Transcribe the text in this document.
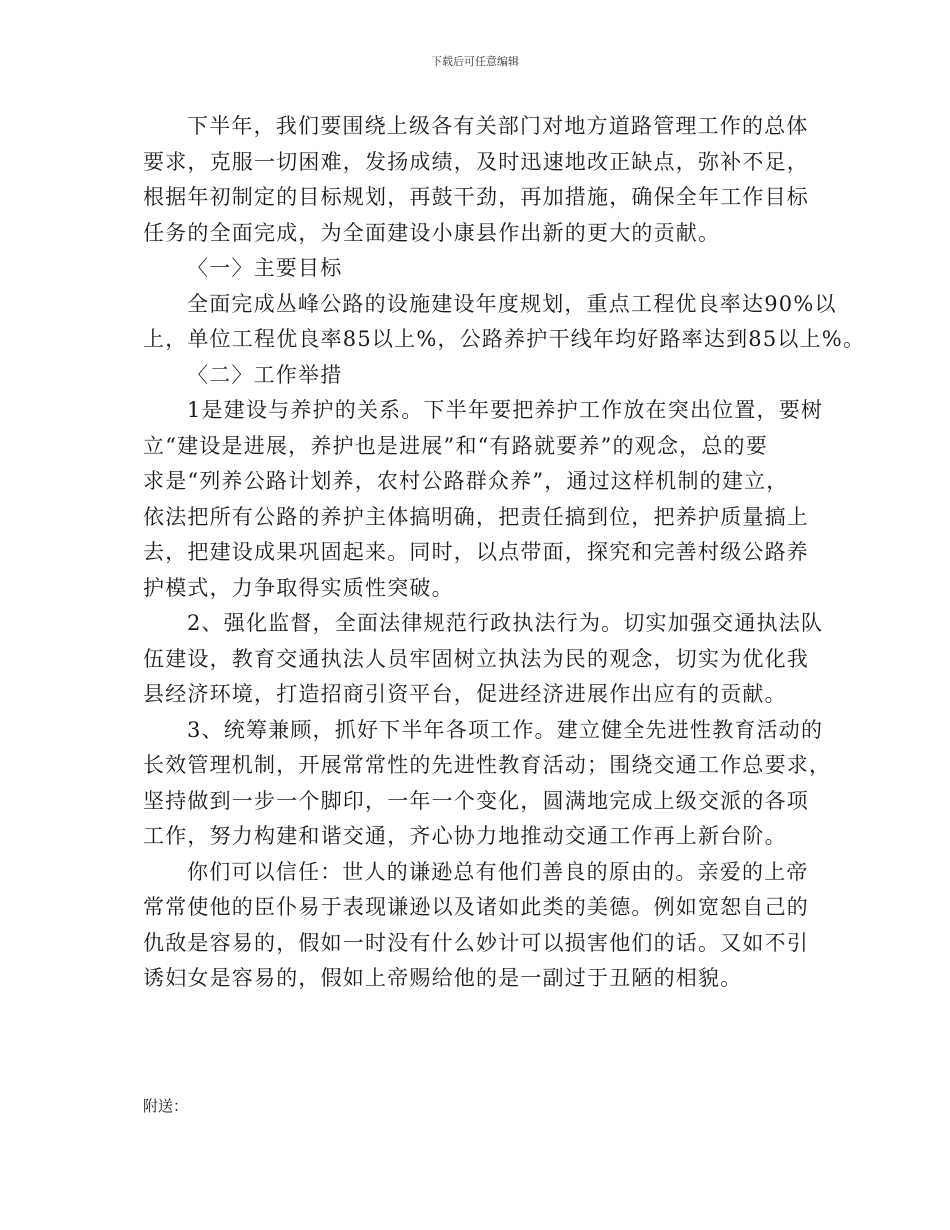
下载后可任意编辑
下半年，我们要围绕上级各有关部门对地方道路管理工作的总体
要求，克服一切困难，发扬成绩，及时迅速地改正缺点，弥补不足，
根据年初制定的目标规划，再鼓干劲，再加措施，确保全年工作目标
任务的全面完成，为全面建设小康县作出新的更大的贡献。
〈一〉主要目标
全面完成丛峰公路的设施建设年度规划，重点工程优良率达90%以
上，单位工程优良率85以上%，公路养护干线年均好路率达到85以上%。
〈二〉工作举措
1是建设与养护的关系。下半年要把养护工作放在突出位置，要树
立“建设是进展，养护也是进展”和“有路就要养”的观念，总的要
求是“列养公路计划养，农村公路群众养”，通过这样机制的建立，
依法把所有公路的养护主体搞明确，把责任搞到位，把养护质量搞上
去，把建设成果巩固起来。同时，以点带面，探究和完善村级公路养
护模式，力争取得实质性突破。
2、强化监督，全面法律规范行政执法行为。切实加强交通执法队
伍建设，教育交通执法人员牢固树立执法为民的观念，切实为优化我
县经济环境，打造招商引资平台，促进经济进展作出应有的贡献。
3、统筹兼顾，抓好下半年各项工作。建立健全先进性教育活动的
长效管理机制，开展常常性的先进性教育活动；围绕交通工作总要求，
坚持做到一步一个脚印，一年一个变化，圆满地完成上级交派的各项
工作，努力构建和谐交通，齐心协力地推动交通工作再上新台阶。
你们可以信任：世人的谦逊总有他们善良的原由的。亲爱的上帝
常常使他的臣仆易于表现谦逊以及诸如此类的美德。例如宽恕自己的
仇敌是容易的，假如一时没有什么妙计可以损害他们的话。又如不引
诱妇女是容易的，假如上帝赐给他的是一副过于丑陋的相貌。
附送：
